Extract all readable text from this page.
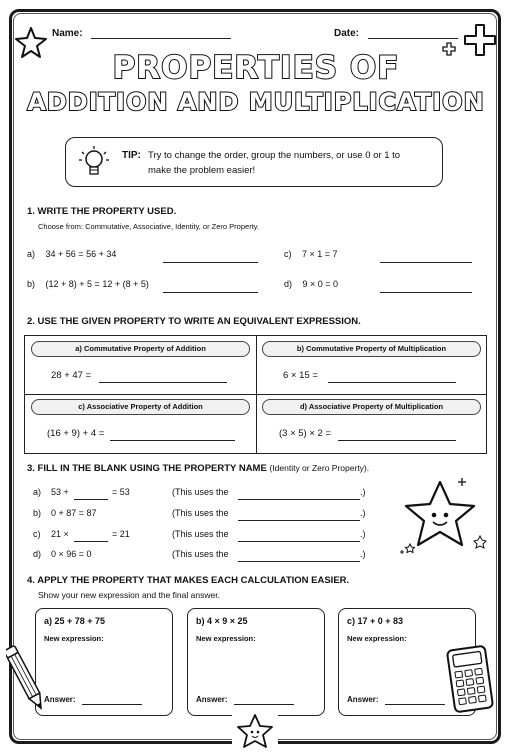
Name:	Date:
PROPERTIES OF
ADDITION AND MULTIPLICATION
TIP: Try to change the order, group the numbers, or use 0 or 1 to
make the problem easier!
1. WRITE THE PROPERTY USED.
Choose from: Commutative, Associative, Identity, or Zero Property.
a) 34 + 56 = 56 + 34	c) 7 × 1 = 7
b) (12 + 8) + 5 = 12 + (8 + 5)	d) 9 × 0 = 0
2. USE THE GIVEN PROPERTY TO WRITE AN EQUIVALENT EXPRESSION.
a) Commutative Property of Addition
28 + 47 =
b) Commutative Property of Multiplication
6 × 15 =
c) Associative Property of Addition
(16 + 9) + 4 =
d) Associative Property of Multiplication
(3 × 5) × 2 =
3. FILL IN THE BLANK USING THE PROPERTY NAME (Identity or Zero Property).
a) 53 +	= 53	(This uses the	.)
b) 0 + 87 = 87	(This uses the	.)
c) 21 ×	= 21	(This uses the	.)
d) 0 × 96 = 0	(This uses the	.)
4. APPLY THE PROPERTY THAT MAKES EACH CALCULATION EASIER.
Show your new expression and the final answer.
a) 25 + 78 + 75
New expression:
Answer:
b) 4 × 9 × 25
New expression:
Answer:
c) 17 + 0 + 83
New expression:
Answer:
